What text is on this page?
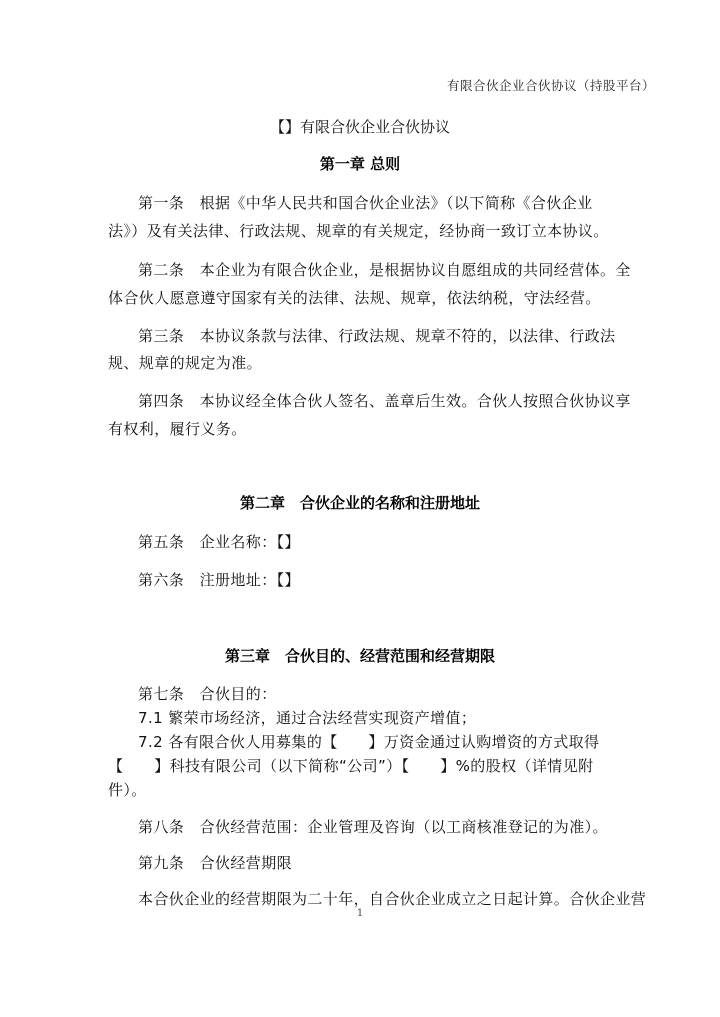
有限合伙企业合伙协议（持股平台）
【】有限合伙企业合伙协议
第一章 总则
第一条　根据《中华人民共和国合伙企业法》（以下简称《合伙企业
法》）及有关法律、行政法规、规章的有关规定，经协商一致订立本协议。
第二条　本企业为有限合伙企业，是根据协议自愿组成的共同经营体。全
体合伙人愿意遵守国家有关的法律、法规、规章，依法纳税，守法经营。
第三条　本协议条款与法律、行政法规、规章不符的，以法律、行政法
规、规章的规定为准。
第四条　本协议经全体合伙人签名、盖章后生效。合伙人按照合伙协议享
有权利，履行义务。
第二章　合伙企业的名称和注册地址
第五条　企业名称：【】
第六条　注册地址：【】
第三章　合伙目的、经营范围和经营期限
第七条　合伙目的：
7.1 繁荣市场经济，通过合法经营实现资产增值；
7.2 各有限合伙人用募集的【　　】万资金通过认购增资的方式取得
【　　】科技有限公司（以下简称“公司”）【　　】%的股权（详情见附
件）。
第八条　合伙经营范围：企业管理及咨询（以工商核准登记的为准）。
第九条　合伙经营期限
本合伙企业的经营期限为二十年，自合伙企业成立之日起计算。合伙企业营
1
